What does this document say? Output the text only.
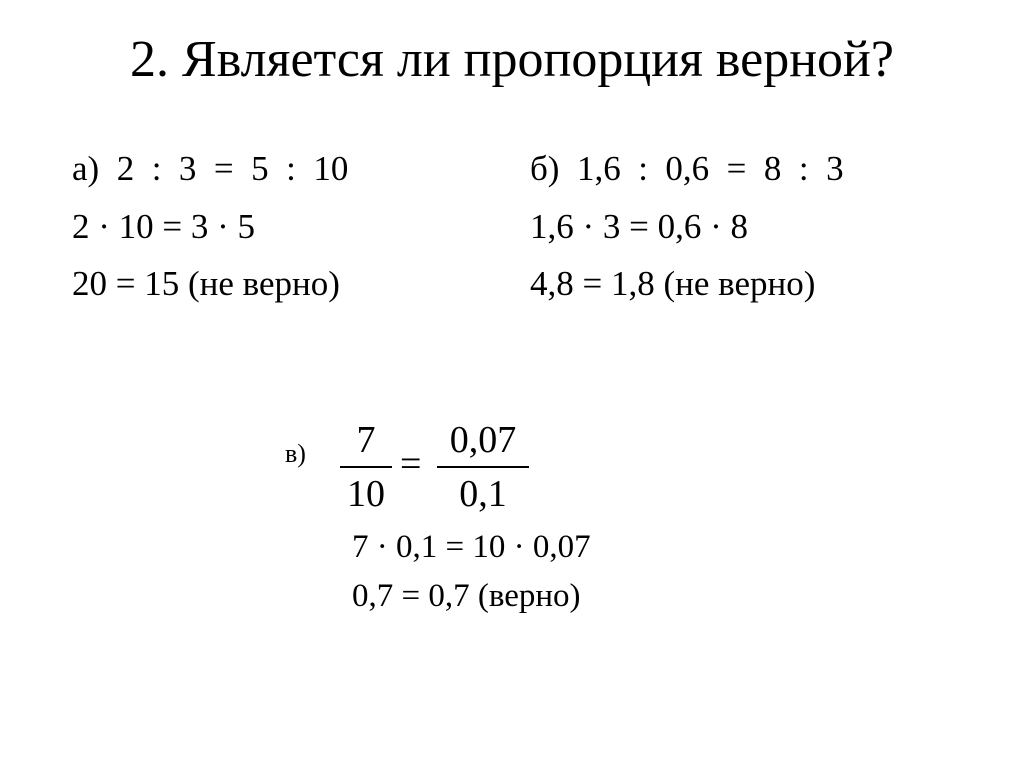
2. Является ли пропорция верной?
а)  2  :  3  =  5  :  10
2 · 10 = 3 · 5
20 = 15 (не верно)
б)  1,6  :  0,6  =  8  :  3
1,6 · 3 = 0,6 · 8
4,8 = 1,8 (не верно)
в) 7
10
=
0,07
0,1
7 · 0,1 = 10 · 0,07
0,7 = 0,7 (верно)
